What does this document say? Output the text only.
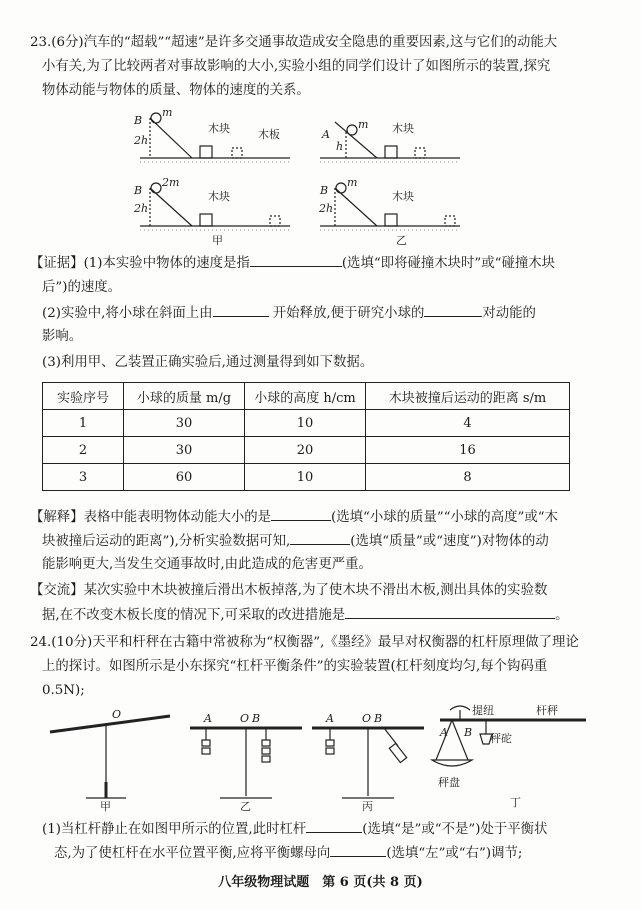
23.(6分)汽车的“超载”“超速”是许多交通事故造成安全隐患的重要因素,这与它们的动能大
小有关,为了比较两者对事故影响的大小,实验小组的同学们设计了如图所示的装置,探究
物体动能与物体的质量、物体的速度的关系。
B
m
2h	A
m
h
B
2m
2h
B
m
2h
木块	木板	木块
木块	木块
甲	乙
【证据】(1)本实验中物体的速度是指	(选填“即将碰撞木块时”或“碰撞木块
后”)的速度。
(2)实验中,将小球在斜面上由	开始释放,便于研究小球的	对动能的
影响。
(3)利用甲、乙装置正确实验后,通过测量得到如下数据。
实验序号	小球的质量 m/g	小球的高度 h/cm	木块被撞后运动的距离 s/m
1	30	10	4
2	30	20	16
3	60	10	8
【解释】表格中能表明物体动能大小的是	(选填“小球的质量”“小球的高度”或“木
块被撞后运动的距离”),分析实验数据可知,	(选填“质量”或“速度”)对物体的动
能影响更大,当发生交通事故时,由此造成的危害更严重。
【交流】某次实验中木块被撞后滑出木板掉落,为了使木块不滑出木板,测出具体的实验数
据,在不改变木板长度的情况下,可采取的改进措施是	。
24.(10分)天平和杆秤在古籍中常被称为“权衡器”,《墨经》最早对权衡器的杠杆原理做了理论
上的探讨。如图所示是小东探究“杠杆平衡条件”的实验装置(杠杆刻度均匀,每个钩码重
0.5N);
O	A	O B	A	O B
A B
提纽	杆秤
秤砣
秤盘
甲	乙	丙	丁
(1)当杠杆静止在如图甲所示的位置,此时杠杆	(选填“是”或“不是”)处于平衡状
态,为了使杠杆在水平位置平衡,应将平衡螺母向	(选填“左”或“右”)调节;
八年级物理试题　第 6 页(共 8 页)
